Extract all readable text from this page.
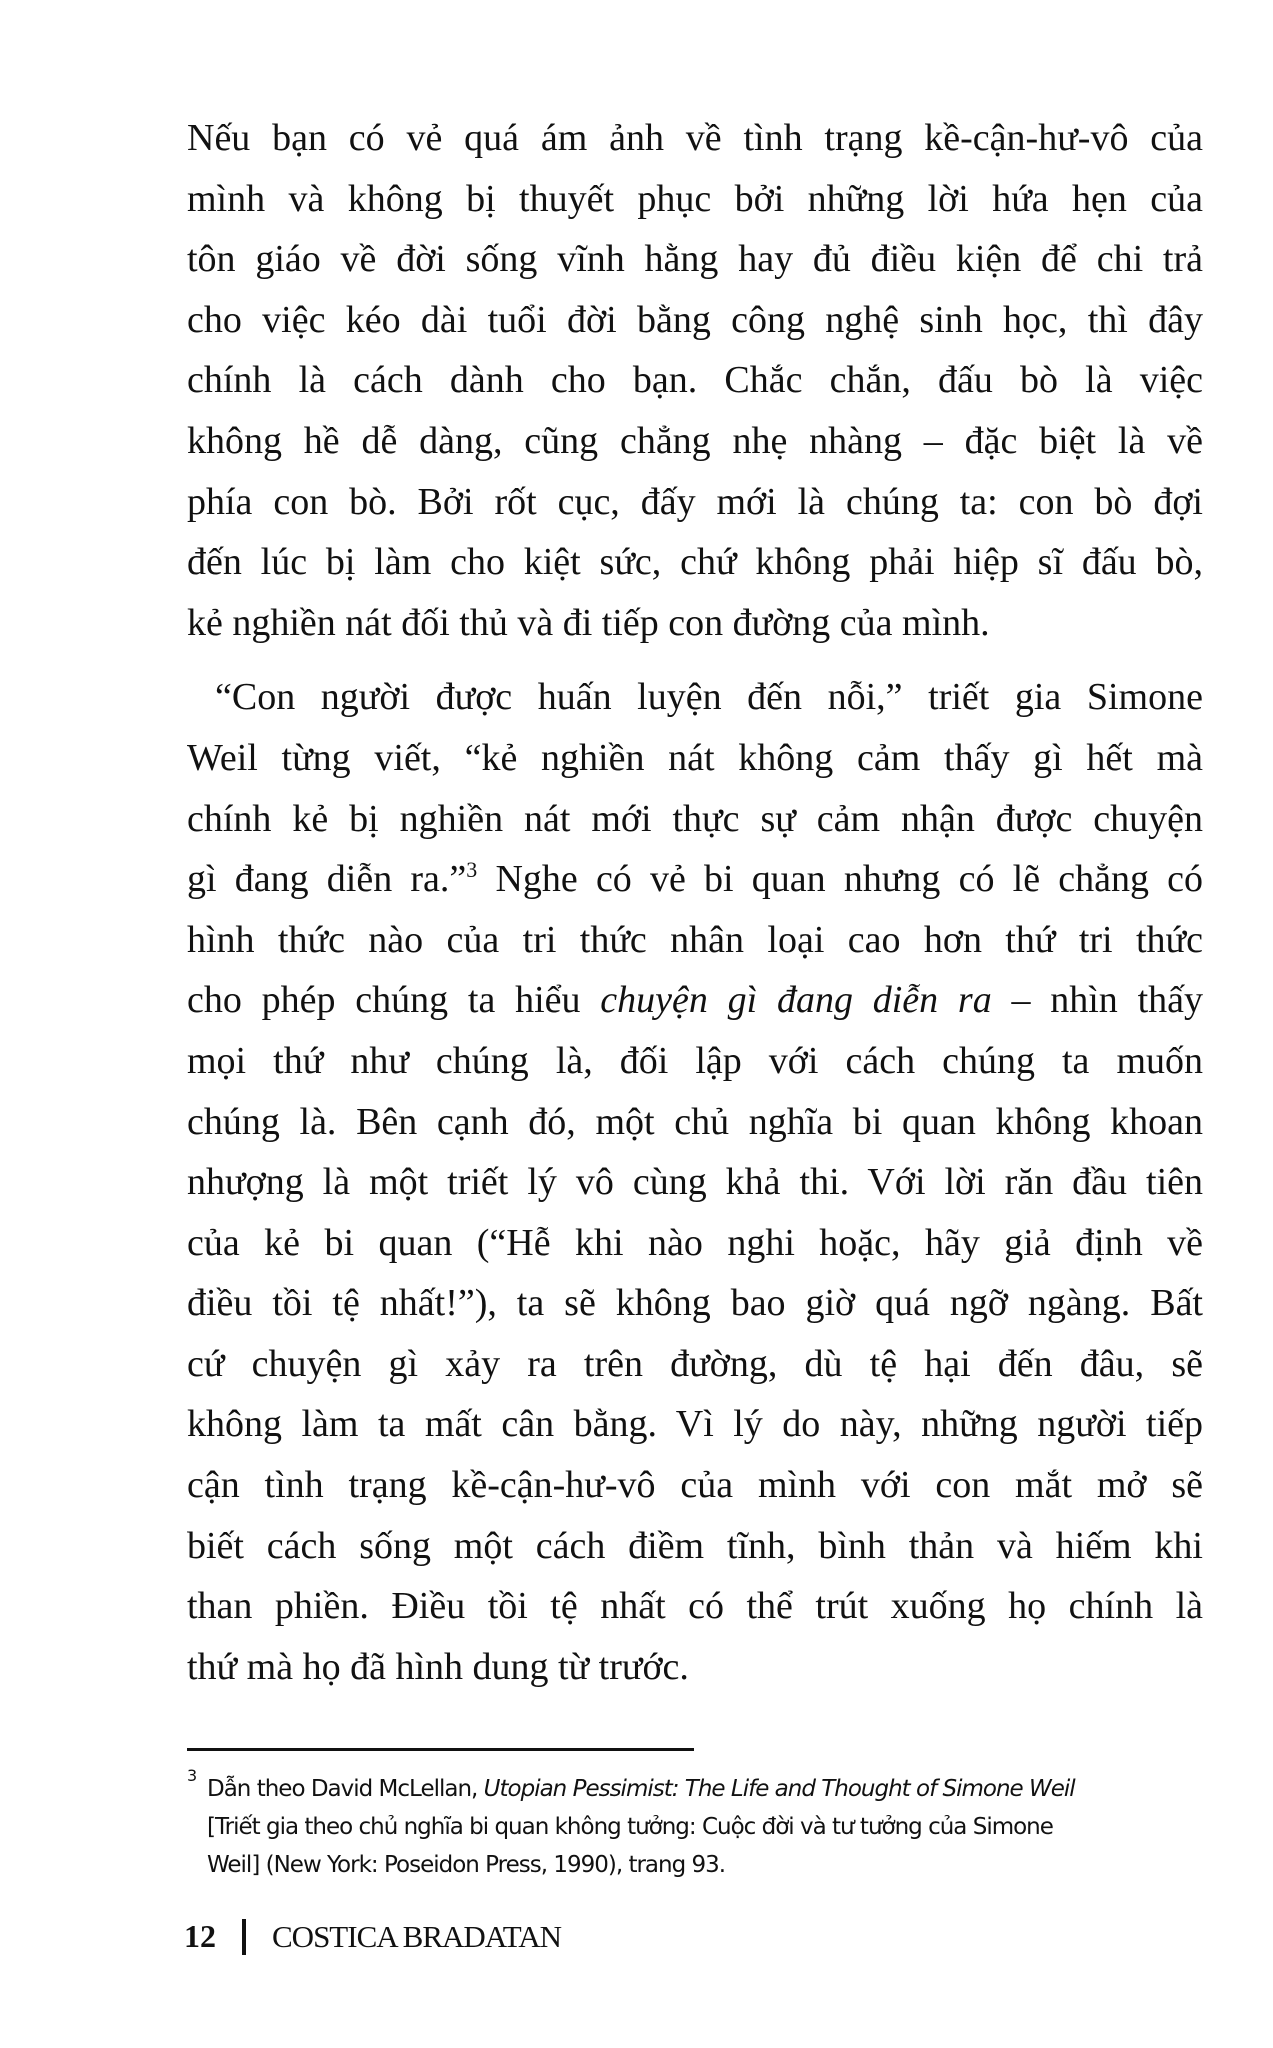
Nếu bạn có vẻ quá ám ảnh về tình trạng kề-cận-hư-vô của
mình và không bị thuyết phục bởi những lời hứa hẹn của
tôn giáo về đời sống vĩnh hằng hay đủ điều kiện để chi trả
cho việc kéo dài tuổi đời bằng công nghệ sinh học, thì đây
chính là cách dành cho bạn. Chắc chắn, đấu bò là việc
không hề dễ dàng, cũng chẳng nhẹ nhàng – đặc biệt là về
phía con bò. Bởi rốt cục, đấy mới là chúng ta: con bò đợi
đến lúc bị làm cho kiệt sức, chứ không phải hiệp sĩ đấu bò,
kẻ nghiền nát đối thủ và đi tiếp con đường của mình.
“Con người được huấn luyện đến nỗi,” triết gia Simone
Weil từng viết, “kẻ nghiền nát không cảm thấy gì hết mà
chính kẻ bị nghiền nát mới thực sự cảm nhận được chuyện
gì đang diễn ra.”$^3$ Nghe có vẻ bi quan nhưng có lẽ chẳng có
hình thức nào của tri thức nhân loại cao hơn thứ tri thức
cho phép chúng ta hiểu chuyện gì đang diễn ra – nhìn thấy
mọi thứ như chúng là, đối lập với cách chúng ta muốn
chúng là. Bên cạnh đó, một chủ nghĩa bi quan không khoan
nhượng là một triết lý vô cùng khả thi. Với lời răn đầu tiên
của kẻ bi quan (“Hễ khi nào nghi hoặc, hãy giả định về
điều tồi tệ nhất!”), ta sẽ không bao giờ quá ngỡ ngàng. Bất
cứ chuyện gì xảy ra trên đường, dù tệ hại đến đâu, sẽ
không làm ta mất cân bằng. Vì lý do này, những người tiếp
cận tình trạng kề-cận-hư-vô của mình với con mắt mở sẽ
biết cách sống một cách điềm tĩnh, bình thản và hiếm khi
than phiền. Điều tồi tệ nhất có thể trút xuống họ chính là
thứ mà họ đã hình dung từ trước.
3
Dẫn theo David McLellan, Utopian Pessimist: The Life and Thought of Simone Weil
[Triết gia theo chủ nghĩa bi quan không tưởng: Cuộc đời và tư tưởng của Simone
Weil] (New York: Poseidon Press, 1990), trang 93.
12 COSTICA BRADATAN
